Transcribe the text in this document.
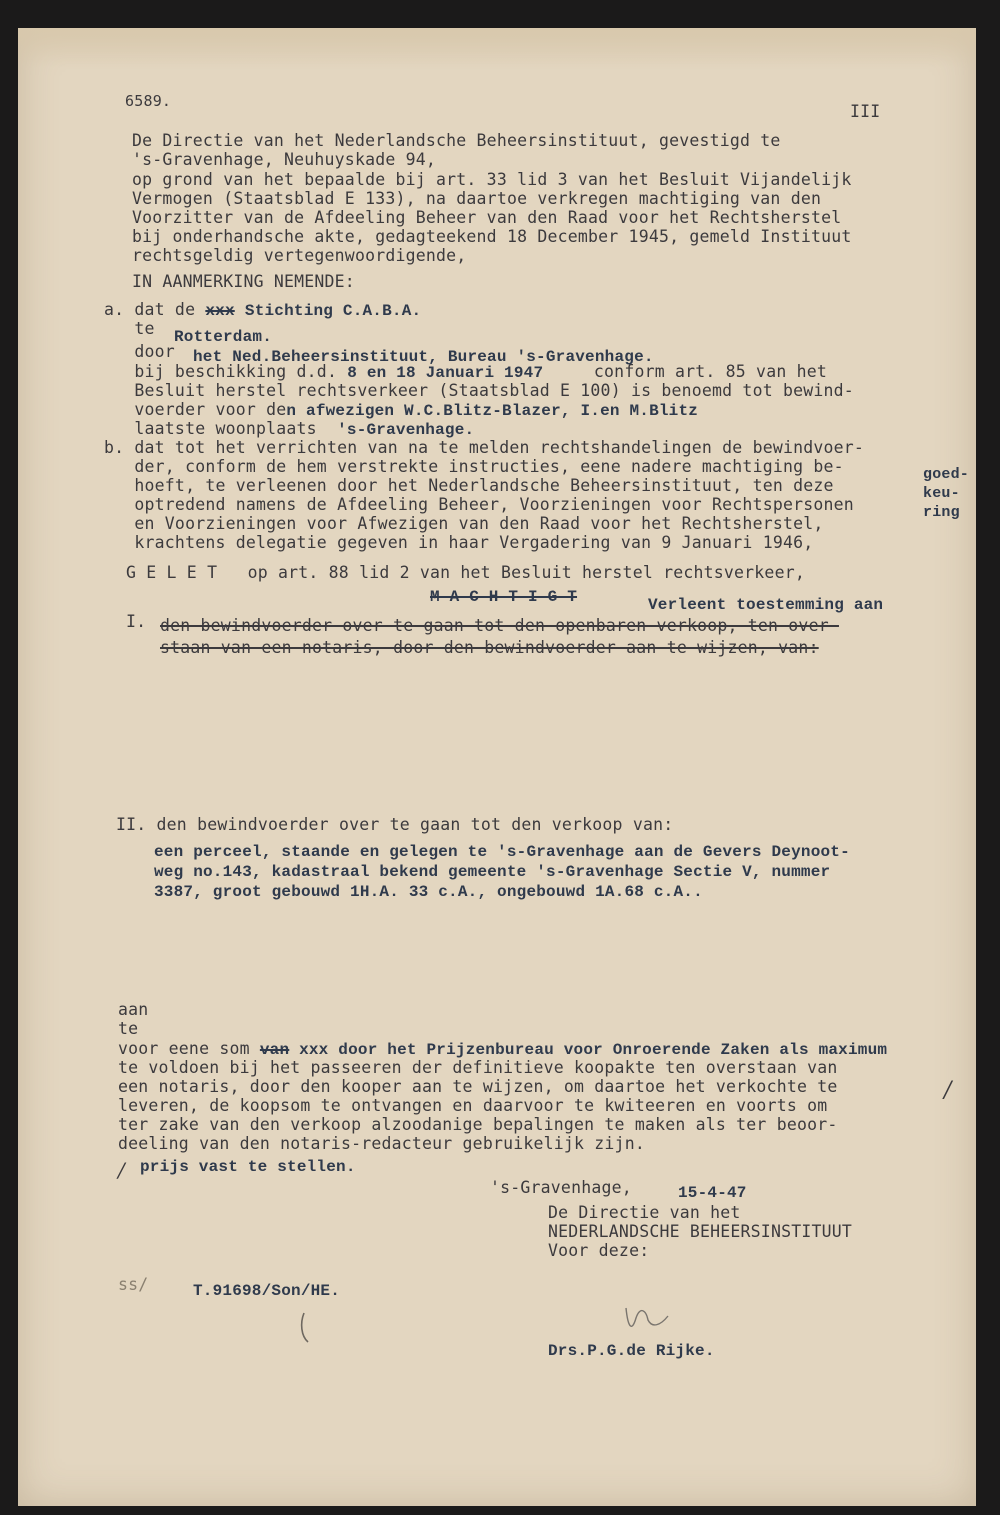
6589.
III
De Directie van het Nederlandsche Beheersinstituut, gevestigd te
's-Gravenhage, Neuhuyskade 94,
op grond van het bepaalde bij art. 33 lid 3 van het Besluit Vijandelijk
Vermogen (Staatsblad E 133), na daartoe verkregen machtiging van den
Voorzitter van de Afdeeling Beheer van den Raad voor het Rechtsherstel
bij onderhandsche akte, gedagteekend 18 December 1945, gemeld Instituut
rechtsgeldig vertegenwoordigende,
IN AANMERKING NEMENDE:
a. dat de xxx Stichting C.A.B.A.
te Rotterdam.
door het Ned.Beheersinstituut, Bureau 's-Gravenhage.
bij beschikking d.d. 8 en 18 Januari 1947     conform art. 85 van het
Besluit herstel rechtsverkeer (Staatsblad E 100) is benoemd tot bewind-
voerder voor den afwezigen W.C.Blitz-Blazer, I.en M.Blitz
laatste woonplaats  's-Gravenhage.
b. dat tot het verrichten van na te melden rechtshandelingen de bewindvoer-
der, conform de hem verstrekte instructies, eene nadere machtiging be-
hoeft, te verleenen door het Nederlandsche Beheersinstituut, ten deze
optredend namens de Afdeeling Beheer, Voorzieningen voor Rechtspersonen
en Voorzieningen voor Afwezigen van den Raad voor het Rechtsherstel,
krachtens delegatie gegeven in haar Vergadering van 9 Januari 1946,
goed-
keu-
ring
G E L E T   op art. 88 lid 2 van het Besluit herstel rechtsverkeer,
M A C H T I G T	Verleent toestemming aan
I. den bewindvoerder over te gaan tot den openbaren verkoop, ten over-
staan van een notaris, door den bewindvoerder aan te wijzen, van:
II. den bewindvoerder over te gaan tot den verkoop van:
een perceel, staande en gelegen te 's-Gravenhage aan de Gevers Deynoot-
weg no.143, kadastraal bekend gemeente 's-Gravenhage Sectie V, nummer
3387, groot gebouwd 1H.A. 33 c.A., ongebouwd 1A.68 c.A..
aan
te
voor eene som van xxx door het Prijzenbureau voor Onroerende Zaken als maximum
te voldoen bij het passeeren der definitieve koopakte ten overstaan van
een notaris, door den kooper aan te wijzen, om daartoe het verkochte te
leveren, de koopsom te ontvangen en daarvoor te kwiteeren en voorts om
ter zake van den verkoop alzoodanige bepalingen te maken als ter beoor-
deeling van den notaris-redacteur gebruikelijk zijn.
/
/ prijs vast te stellen.
's-Gravenhage,	15-4-47
De Directie van het
NEDERLANDSCHE BEHEERSINSTITUUT
Voor deze:
ss/	T.91698/Son/HE.
Drs.P.G.de Rijke.
